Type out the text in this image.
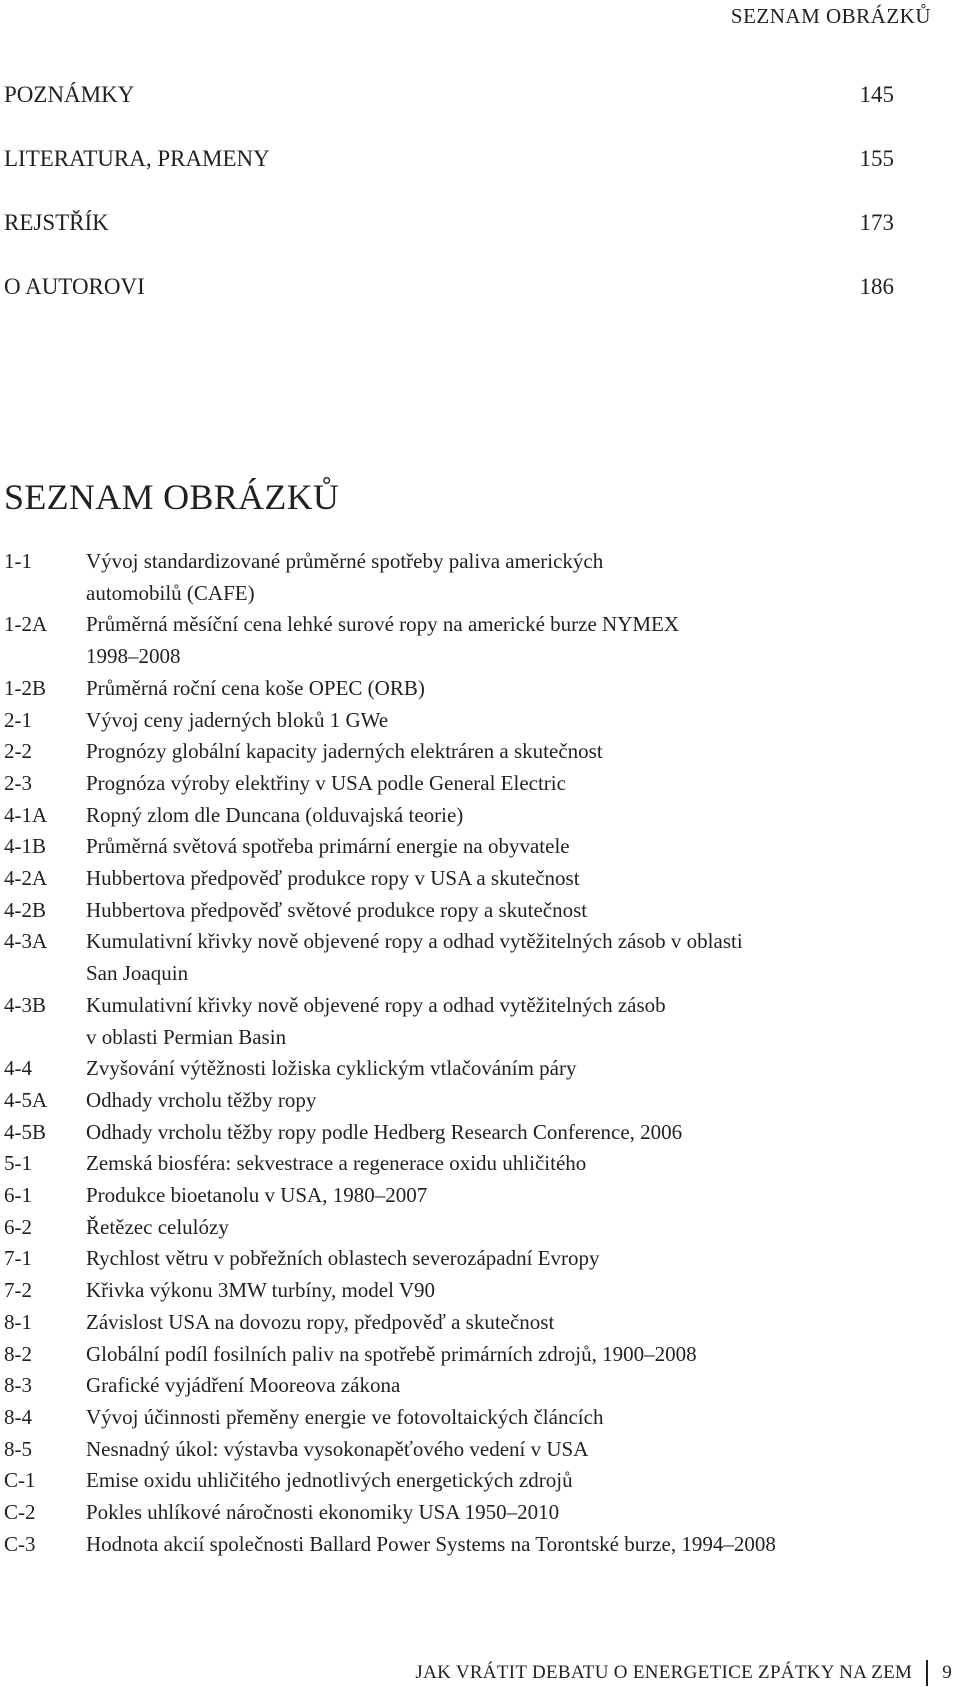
SEZNAM OBRÁZKŮ
POZNÁMKY	145
LITERATURA, PRAMENY	155
REJSTŘÍK	173
O AUTOROVI	186
SEZNAM OBRÁZKŮ
1-1	Vývoj standardizované průměrné spotřeby paliva amerických
automobilů (CAFE)
1-2A	Průměrná měsíční cena lehké surové ropy na americké burze NYMEX
1998–2008
1-2B	Průměrná roční cena koše OPEC (ORB)
2-1	Vývoj ceny jaderných bloků 1 GWe
2-2	Prognózy globální kapacity jaderných elektráren a skutečnost
2-3	Prognóza výroby elektřiny v USA podle General Electric
4-1A	Ropný zlom dle Duncana (olduvajská teorie)
4-1B	Průměrná světová spotřeba primární energie na obyvatele
4-2A	Hubbertova předpověď produkce ropy v USA a skutečnost
4-2B	Hubbertova předpověď světové produkce ropy a skutečnost
4-3A	Kumulativní křivky nově objevené ropy a odhad vytěžitelných zásob v oblasti
San Joaquin
4-3B	Kumulativní křivky nově objevené ropy a odhad vytěžitelných zásob
v oblasti Permian Basin
4-4	Zvyšování výtěžnosti ložiska cyklickým vtlačováním páry
4-5A	Odhady vrcholu těžby ropy
4-5B	Odhady vrcholu těžby ropy podle Hedberg Research Conference, 2006
5-1	Zemská biosféra: sekvestrace a regenerace oxidu uhličitého
6-1	Produkce bioetanolu v USA, 1980–2007
6-2	Řetězec celulózy
7-1	Rychlost větru v pobřežních oblastech severozápadní Evropy
7-2	Křivka výkonu 3MW turbíny, model V90
8-1	Závislost USA na dovozu ropy, předpověď a skutečnost
8-2	Globální podíl fosilních paliv na spotřebě primárních zdrojů, 1900–2008
8-3	Grafické vyjádření Mooreova zákona
8-4	Vývoj účinnosti přeměny energie ve fotovoltaických článcích
8-5	Nesnadný úkol: výstavba vysokonapěťového vedení v USA
C-1	Emise oxidu uhličitého jednotlivých energetických zdrojů
C-2	Pokles uhlíkové náročnosti ekonomiky USA 1950–2010
C-3	Hodnota akcií společnosti Ballard Power Systems na Torontské burze, 1994–2008
JAK VRÁTIT DEBATU O ENERGETICE ZPÁTKY NA ZEM 9
